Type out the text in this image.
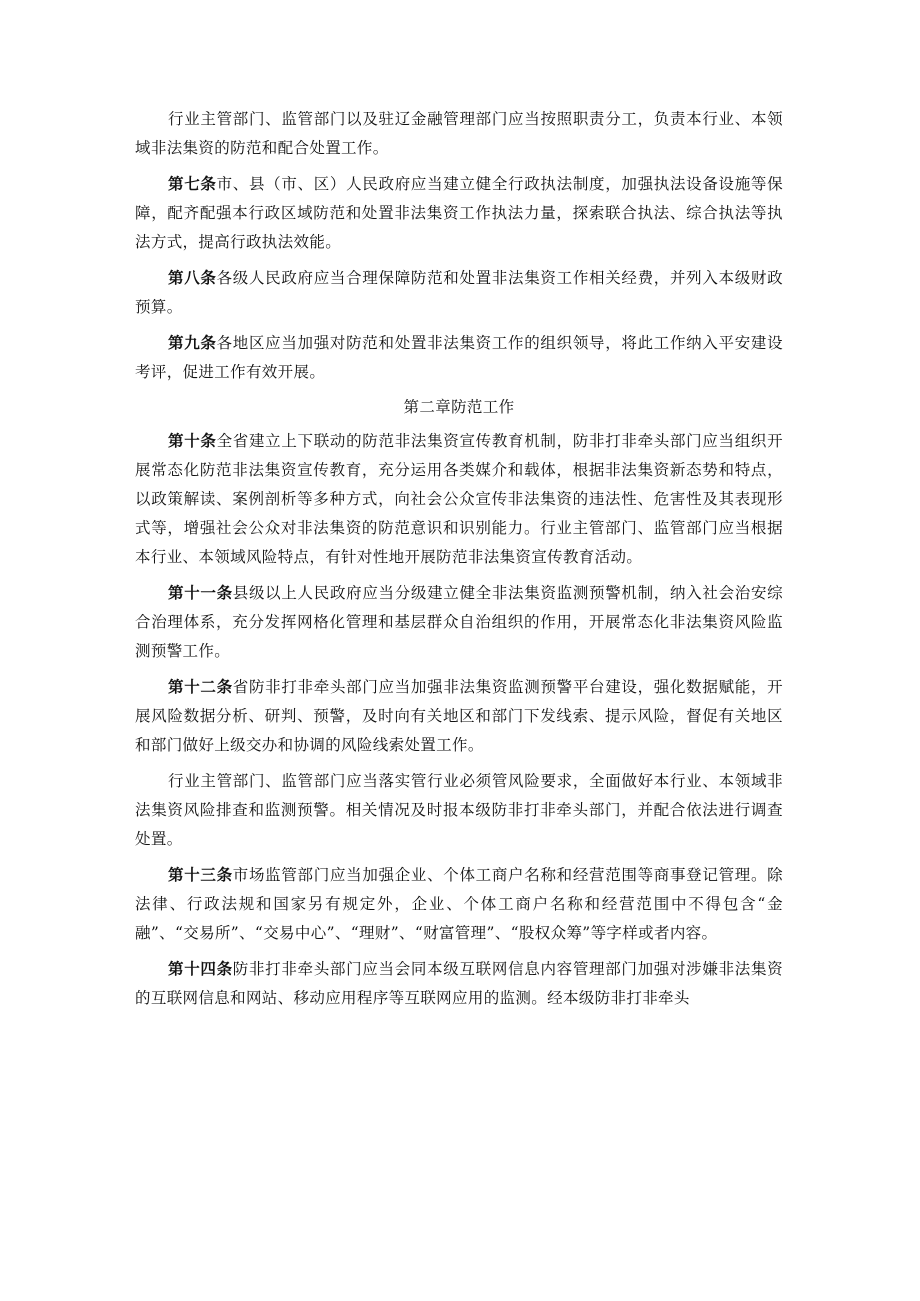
行业主管部门、监管部门以及驻辽金融管理部门应当按照职责分工，负责本行业、本领域非法集资的防范和配合处置工作。

第七条市、县（市、区）人民政府应当建立健全行政执法制度，加强执法设备设施等保障，配齐配强本行政区域防范和处置非法集资工作执法力量，探索联合执法、综合执法等执法方式，提高行政执法效能。

第八条各级人民政府应当合理保障防范和处置非法集资工作相关经费，并列入本级财政预算。

第九条各地区应当加强对防范和处置非法集资工作的组织领导，将此工作纳入平安建设考评，促进工作有效开展。

第二章防范工作

第十条全省建立上下联动的防范非法集资宣传教育机制，防非打非牵头部门应当组织开展常态化防范非法集资宣传教育，充分运用各类媒介和载体，根据非法集资新态势和特点，以政策解读、案例剖析等多种方式，向社会公众宣传非法集资的违法性、危害性及其表现形式等，增强社会公众对非法集资的防范意识和识别能力。行业主管部门、监管部门应当根据本行业、本领域风险特点，有针对性地开展防范非法集资宣传教育活动。

第十一条县级以上人民政府应当分级建立健全非法集资监测预警机制，纳入社会治安综合治理体系，充分发挥网格化管理和基层群众自治组织的作用，开展常态化非法集资风险监测预警工作。

第十二条省防非打非牵头部门应当加强非法集资监测预警平台建设，强化数据赋能，开展风险数据分析、研判、预警，及时向有关地区和部门下发线索、提示风险，督促有关地区和部门做好上级交办和协调的风险线索处置工作。

行业主管部门、监管部门应当落实管行业必须管风险要求，全面做好本行业、本领域非法集资风险排查和监测预警。相关情况及时报本级防非打非牵头部门，并配合依法进行调查处置。

第十三条市场监管部门应当加强企业、个体工商户名称和经营范围等商事登记管理。除法律、行政法规和国家另有规定外，企业、个体工商户名称和经营范围中不得包含“金融”、“交易所”、“交易中心”、“理财”、“财富管理”、“股权众筹”等字样或者内容。

第十四条防非打非牵头部门应当会同本级互联网信息内容管理部门加强对涉嫌非法集资的互联网信息和网站、移动应用程序等互联网应用的监测。经本级防非打非牵头
